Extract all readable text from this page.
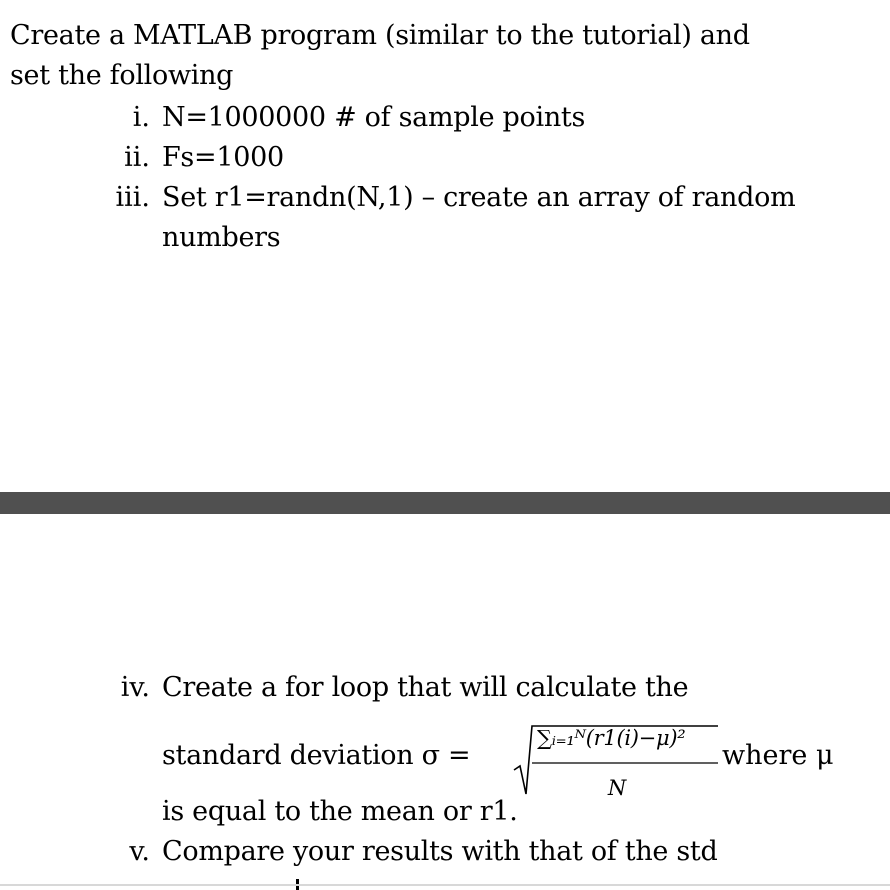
Create a MATLAB program (similar to the tutorial) and
set the following
i. N=1000000 # of sample points
ii. Fs=1000
iii. Set r1=randn(N,1) – create an array of random
numbers
iv. Create a for loop that will calculate the
standard deviation σ =
∑ᵢ₌₁ᴺ(r1(i)−μ)²
N
where μ
is equal to the mean or r1.
v. Compare your results with that of the std
